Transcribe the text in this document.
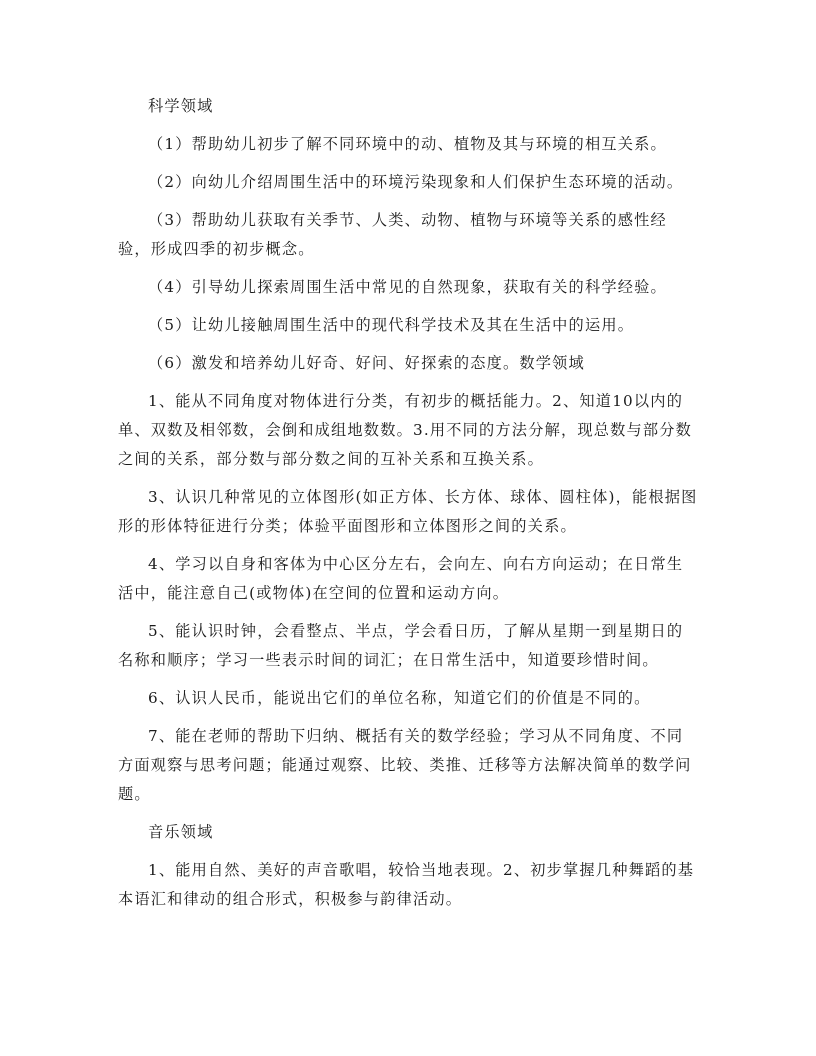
科学领域

（1）帮助幼儿初步了解不同环境中的动、植物及其与环境的相互关系。

（2）向幼儿介绍周围生活中的环境污染现象和人们保护生态环境的活动。

（3）帮助幼儿获取有关季节、人类、动物、植物与环境等关系的感性经验，形成四季的初步概念。

（4）引导幼儿探索周围生活中常见的自然现象，获取有关的科学经验。

（5）让幼儿接触周围生活中的现代科学技术及其在生活中的运用。

（6）激发和培养幼儿好奇、好问、好探索的态度。数学领域

1、能从不同角度对物体进行分类，有初步的概括能力。2、知道10以内的单、双数及相邻数，会倒和成组地数数。3.用不同的方法分解，现总数与部分数之间的关系，部分数与部分数之间的互补关系和互换关系。

3、认识几种常见的立体图形(如正方体、长方体、球体、圆柱体)，能根据图形的形体特征进行分类；体验平面图形和立体图形之间的关系。

4、学习以自身和客体为中心区分左右，会向左、向右方向运动；在日常生活中，能注意自己(或物体)在空间的位置和运动方向。

5、能认识时钟，会看整点、半点，学会看日历，了解从星期一到星期日的名称和顺序；学习一些表示时间的词汇；在日常生活中，知道要珍惜时间。

6、认识人民币，能说出它们的单位名称，知道它们的价值是不同的。

7、能在老师的帮助下归纳、概括有关的数学经验；学习从不同角度、不同方面观察与思考问题；能通过观察、比较、类推、迁移等方法解决简单的数学问题。

音乐领域

1、能用自然、美好的声音歌唱，较恰当地表现。2、初步掌握几种舞蹈的基本语汇和律动的组合形式，积极参与韵律活动。
